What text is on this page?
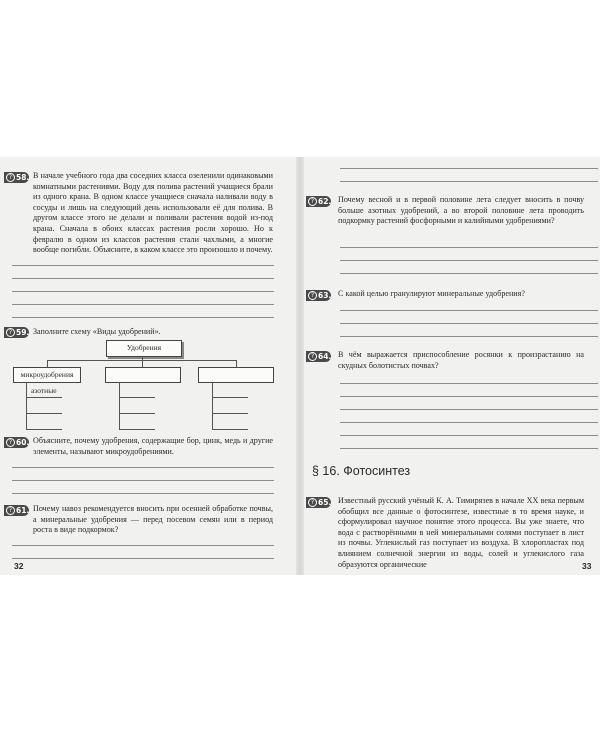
? 58. В начале учебного года два соседних класса озеленили одинаковыми комнатными растениями. Воду для полива растений учащиеся брали из одного крана. В одном классе учащиеся сначала наливали воду в сосуды и лишь на следующий день использовали её для полива. В другом классе этого не делали и поливали растения водой из-под крана. Сначала в обоих классах растения росли хорошо. Но к февралю в одном из классов растения стали чахлыми, а многие вообще погибли. Объясните, в каком классе это произошло и почему.
? 59. Заполните схему «Виды удобрений».
Удобрения
микроудобрения
азотные
? 60. Объясните, почему удобрения, содержащие бор, цинк, медь и другие элементы, называют микроудобрениями.
? 61. Почему навоз рекомендуется вносить при осенней обработке почвы, а минеральные удобрения — перед посевом семян или в период роста в виде подкормок?
32
? 62. Почему весной и в первой половине лета следует вносить в почву больше азотных удобрений, а во второй половине лета проводить подкормку растений фосфорными и калийными удобрениями?
? 63. С какой целью гранулируют минеральные удобрения?
? 64. В чём выражается приспособление росянки к произрастанию на скудных болотистых почвах?
§ 16. Фотосинтез
? 65. Известный русский учёный К. А. Тимирязев в начале XX века первым обобщил все данные о фотосинтезе, известные в то время науке, и сформулировал научное понятие этого процесса. Вы уже знаете, что вода с растворёнными в ней минеральными солями поступает в лист из почвы. Углекислый газ поступает из воздуха. В хлоропластах под влиянием солнечной энергии из воды, солей и углекислого газа образуются органические	33
